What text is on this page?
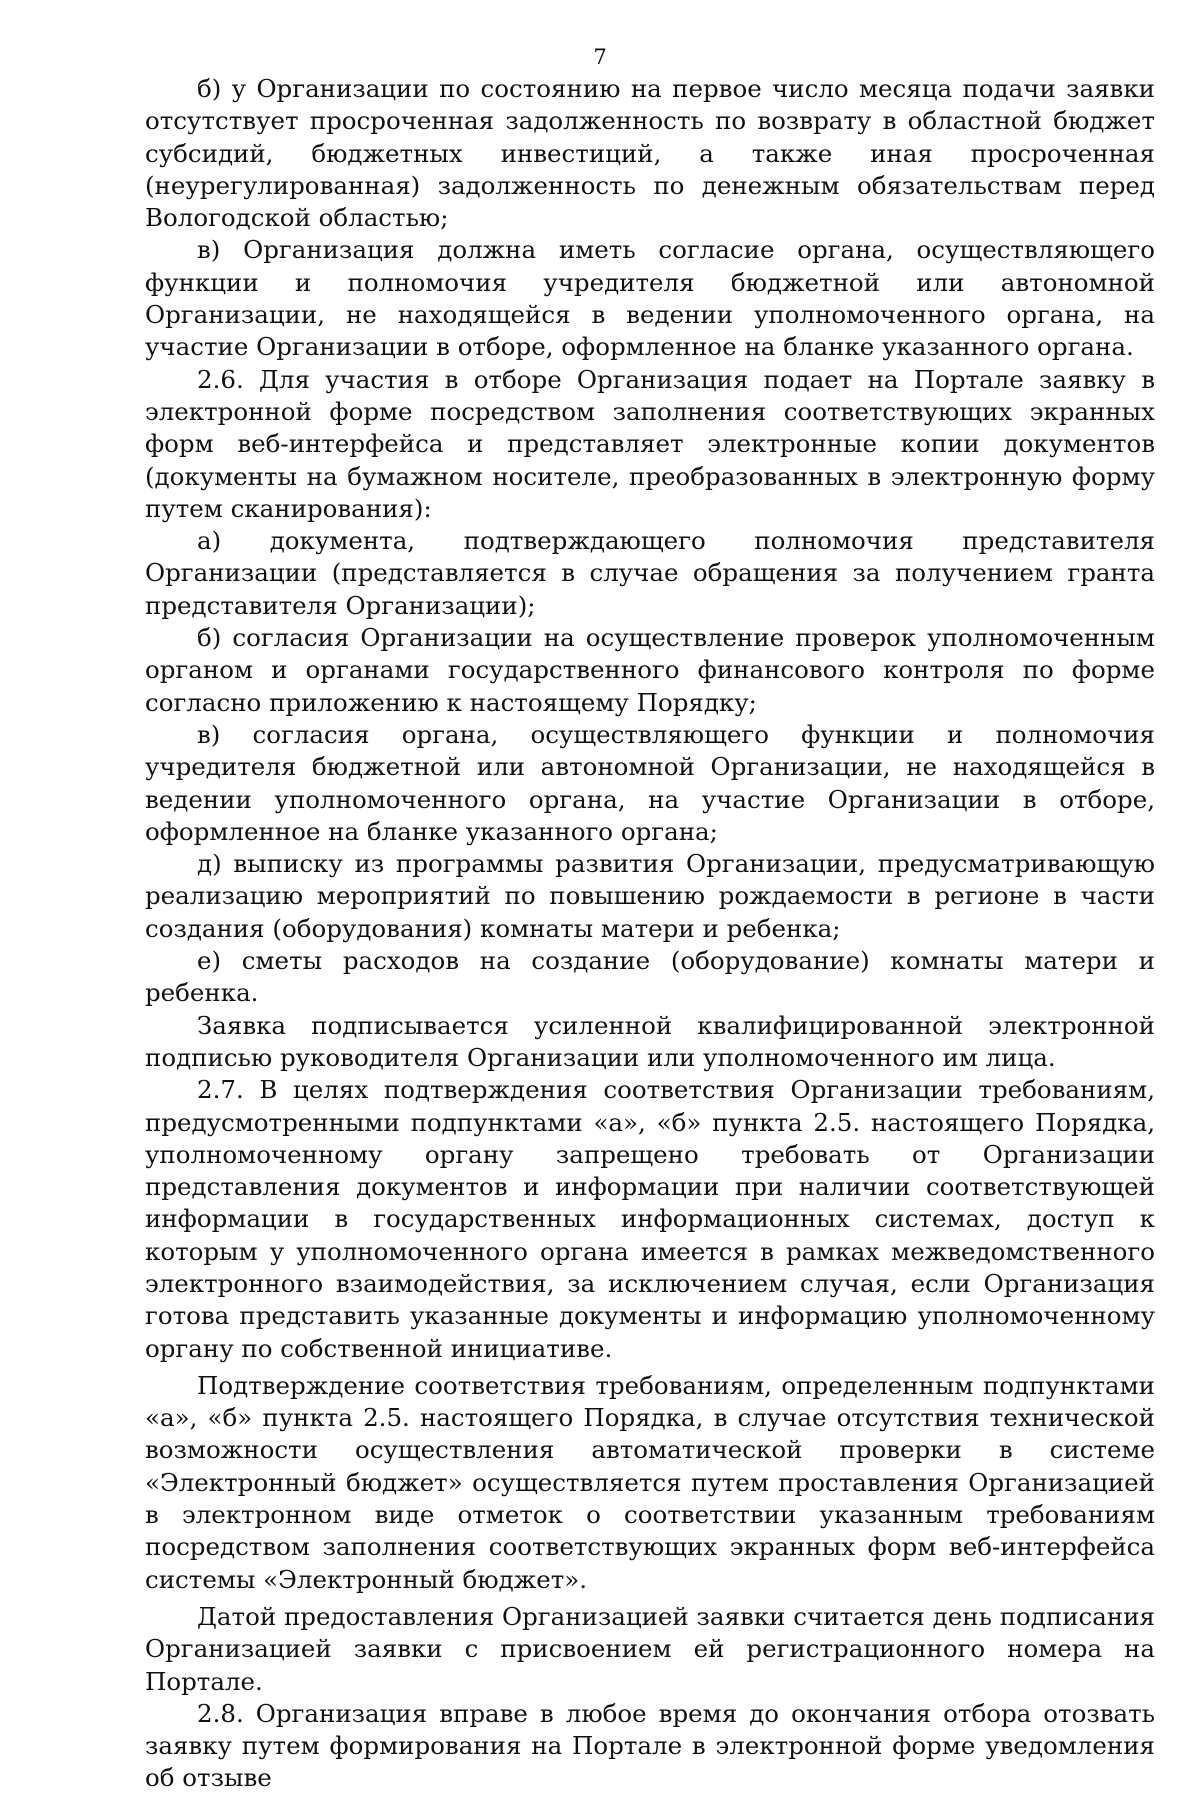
7

б) у Организации по состоянию на первое число месяца подачи заявки отсутствует просроченная задолженность по возврату в областной бюджет субсидий, бюджетных инвестиций, а также иная просроченная (неурегулированная) задолженность по денежным обязательствам перед Вологодской областью;

в) Организация должна иметь согласие органа, осуществляющего функции и полномочия учредителя бюджетной или автономной Организации, не находящейся в ведении уполномоченного органа, на участие Организации в отборе, оформленное на бланке указанного органа.

2.6. Для участия в отборе Организация подает на Портале заявку в электронной форме посредством заполнения соответствующих экранных форм веб-интерфейса и представляет электронные копии документов (документы на бумажном носителе, преобразованных в электронную форму путем сканирования):

а) документа, подтверждающего полномочия представителя Организации (представляется в случае обращения за получением гранта представителя Организации);

б) согласия Организации на осуществление проверок уполномоченным органом и органами государственного финансового контроля по форме согласно приложению к настоящему Порядку;

в) согласия органа, осуществляющего функции и полномочия учредителя бюджетной или автономной Организации, не находящейся в ведении уполномоченного органа, на участие Организации в отборе, оформленное на бланке указанного органа;

д) выписку из программы развития Организации, предусматривающую реализацию мероприятий по повышению рождаемости в регионе в части создания (оборудования) комнаты матери и ребенка;

е) сметы расходов на создание (оборудование) комнаты матери и ребенка.

Заявка подписывается усиленной квалифицированной электронной подписью руководителя Организации или уполномоченного им лица.

2.7. В целях подтверждения соответствия Организации требованиям, предусмотренными подпунктами «а», «б» пункта 2.5. настоящего Порядка, уполномоченному органу запрещено требовать от Организации представления документов и информации при наличии соответствующей информации в государственных информационных системах, доступ к которым у уполномоченного органа имеется в рамках межведомственного электронного взаимодействия, за исключением случая, если Организация готова представить указанные документы и информацию уполномоченному органу по собственной инициативе.

Подтверждение соответствия требованиям, определенным подпунктами «а», «б» пункта 2.5. настоящего Порядка, в случае отсутствия технической возможности осуществления автоматической проверки в системе «Электронный бюджет» осуществляется путем проставления Организацией в электронном виде отметок о соответствии указанным требованиям посредством заполнения соответствующих экранных форм веб-интерфейса системы «Электронный бюджет».

Датой предоставления Организацией заявки считается день подписания Организацией заявки с присвоением ей регистрационного номера на Портале.

2.8. Организация вправе в любое время до окончания отбора отозвать заявку путем формирования на Портале в электронной форме уведомления об отзыве
